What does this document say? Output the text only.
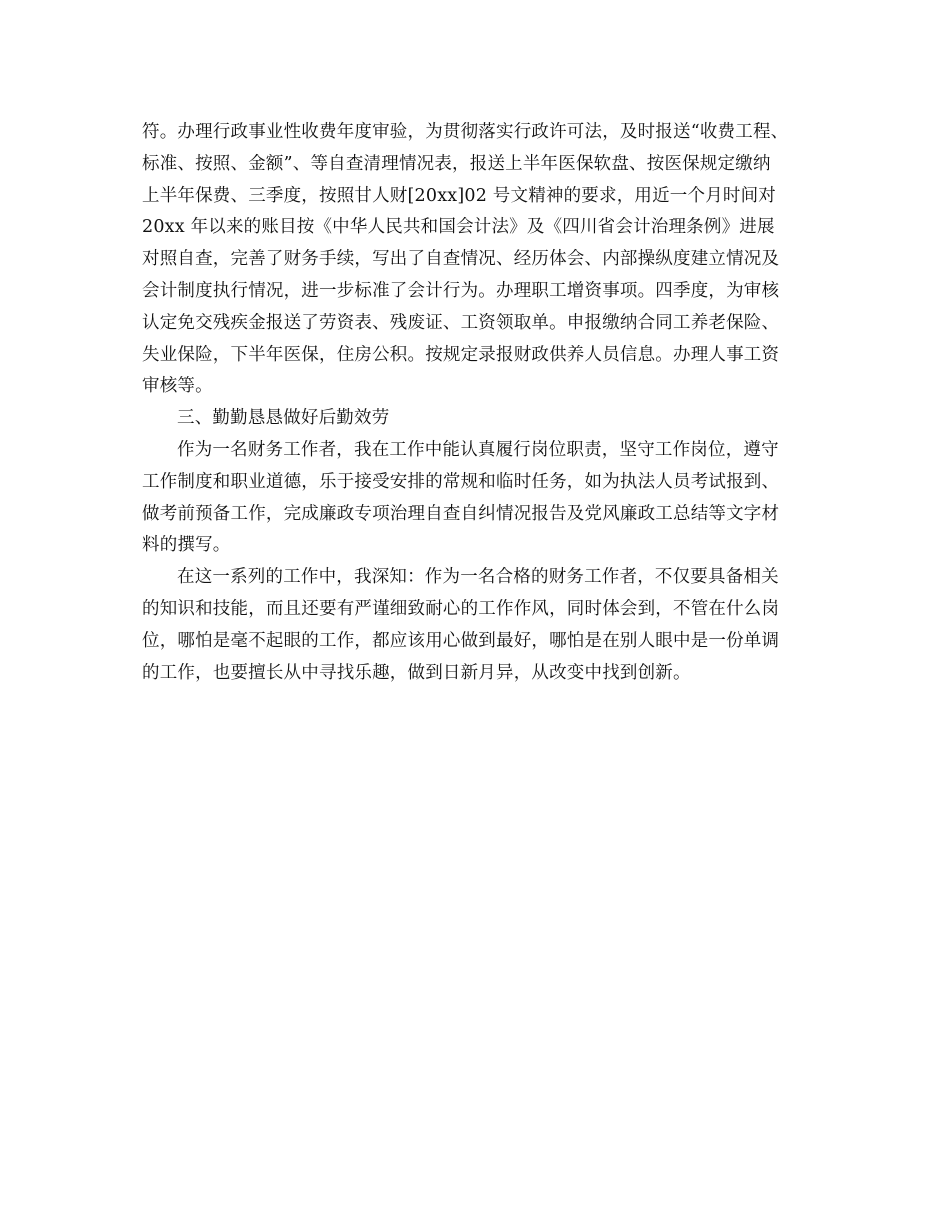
符。办理行政事业性收费年度审验，为贯彻落实行政许可法，及时报送“收费工程、
标准、按照、金额”、等自查清理情况表，报送上半年医保软盘、按医保规定缴纳
上半年保费、三季度，按照甘人财[20xx]02 号文精神的要求，用近一个月时间对
20xx 年以来的账目按《中华人民共和国会计法》及《四川省会计治理条例》进展
对照自查，完善了财务手续，写出了自查情况、经历体会、内部操纵度建立情况及
会计制度执行情况，进一步标准了会计行为。办理职工增资事项。四季度，为审核
认定免交残疾金报送了劳资表、残废证、工资领取单。申报缴纳合同工养老保险、
失业保险，下半年医保，住房公积。按规定录报财政供养人员信息。办理人事工资
审核等。
三、勤勤恳恳做好后勤效劳
作为一名财务工作者，我在工作中能认真履行岗位职责，坚守工作岗位，遵守
工作制度和职业道德，乐于接受安排的常规和临时任务，如为执法人员考试报到、
做考前预备工作，完成廉政专项治理自查自纠情况报告及党风廉政工总结等文字材
料的撰写。
在这一系列的工作中，我深知：作为一名合格的财务工作者，不仅要具备相关
的知识和技能，而且还要有严谨细致耐心的工作作风，同时体会到，不管在什么岗
位，哪怕是毫不起眼的工作，都应该用心做到最好，哪怕是在别人眼中是一份单调
的工作，也要擅长从中寻找乐趣，做到日新月异，从改变中找到创新。
